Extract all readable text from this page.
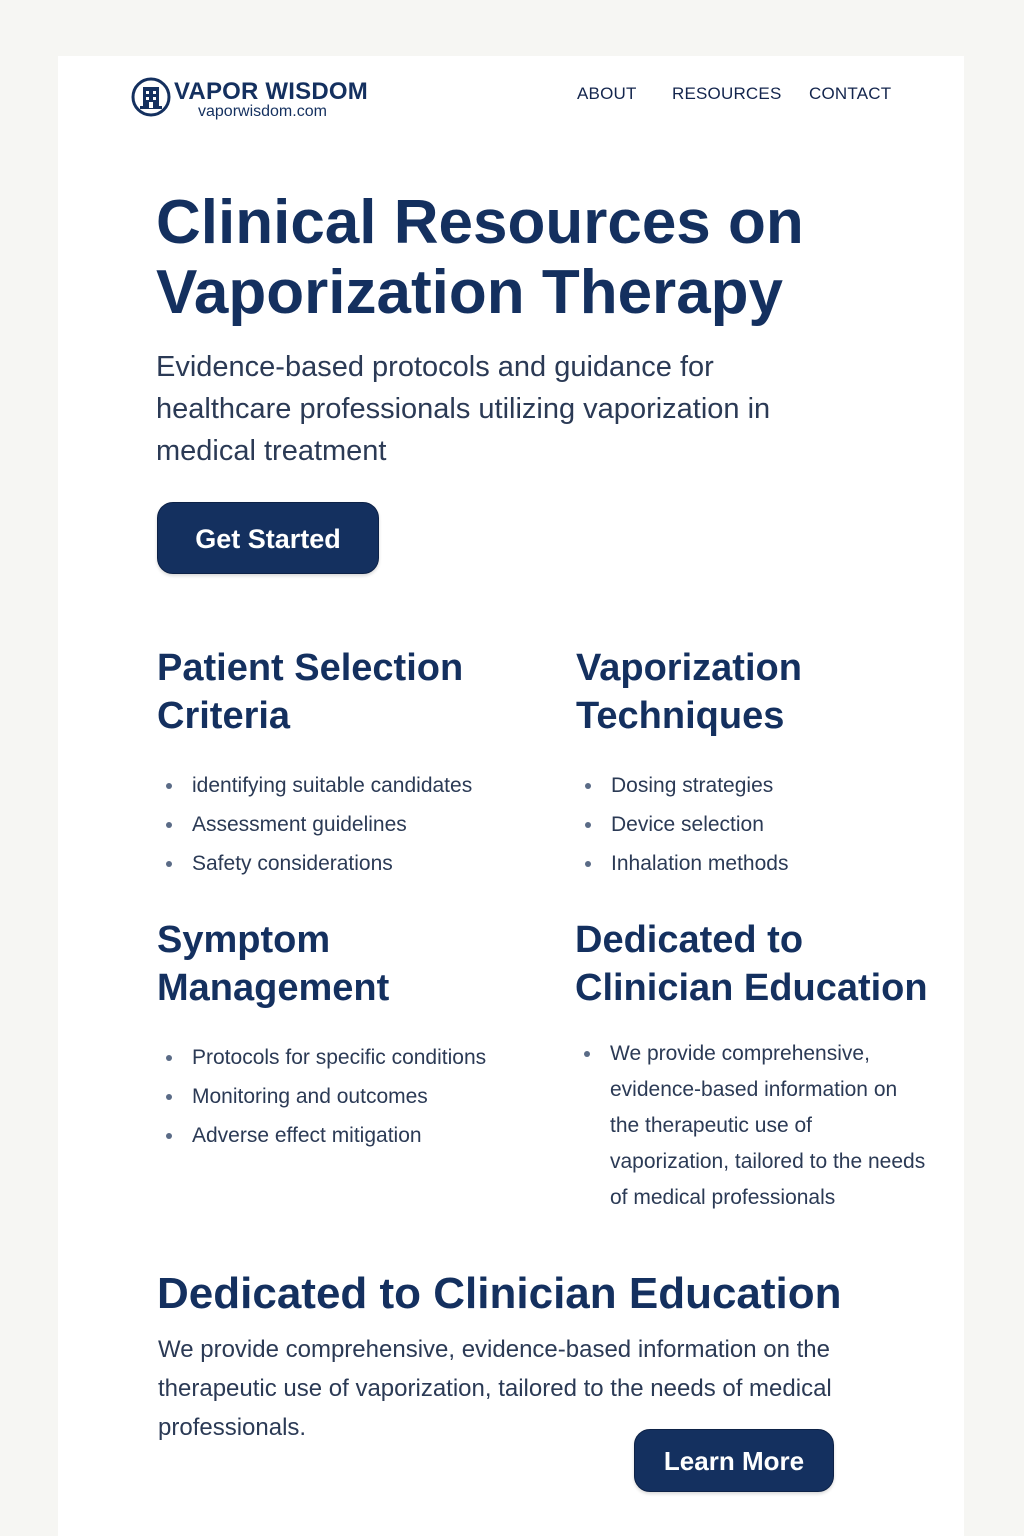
VAPOR WISDOM
vaporwisdom.com
ABOUT RESOURCES CONTACT
Clinical Resources on Vaporization Therapy

Evidence-based protocols and guidance for healthcare professionals utilizing vaporization in medical treatment

Get Started
Patient Selection Criteria
identifying suitable candidates
Assessment guidelines
Safety considerations
Vaporization Techniques
Dosing strategies
Device selection
Inhalation methods
Symptom Management
Protocols for specific conditions
Monitoring and outcomes
Adverse effect mitigation
Dedicated to Clinician Education
We provide comprehensive, evidence-based information on the therapeutic use of vaporization, tailored to the needs of medical professionals
Dedicated to Clinician Education

We provide comprehensive, evidence-based information on the therapeutic use of vaporization, tailored to the needs of medical professionals.

Learn More
